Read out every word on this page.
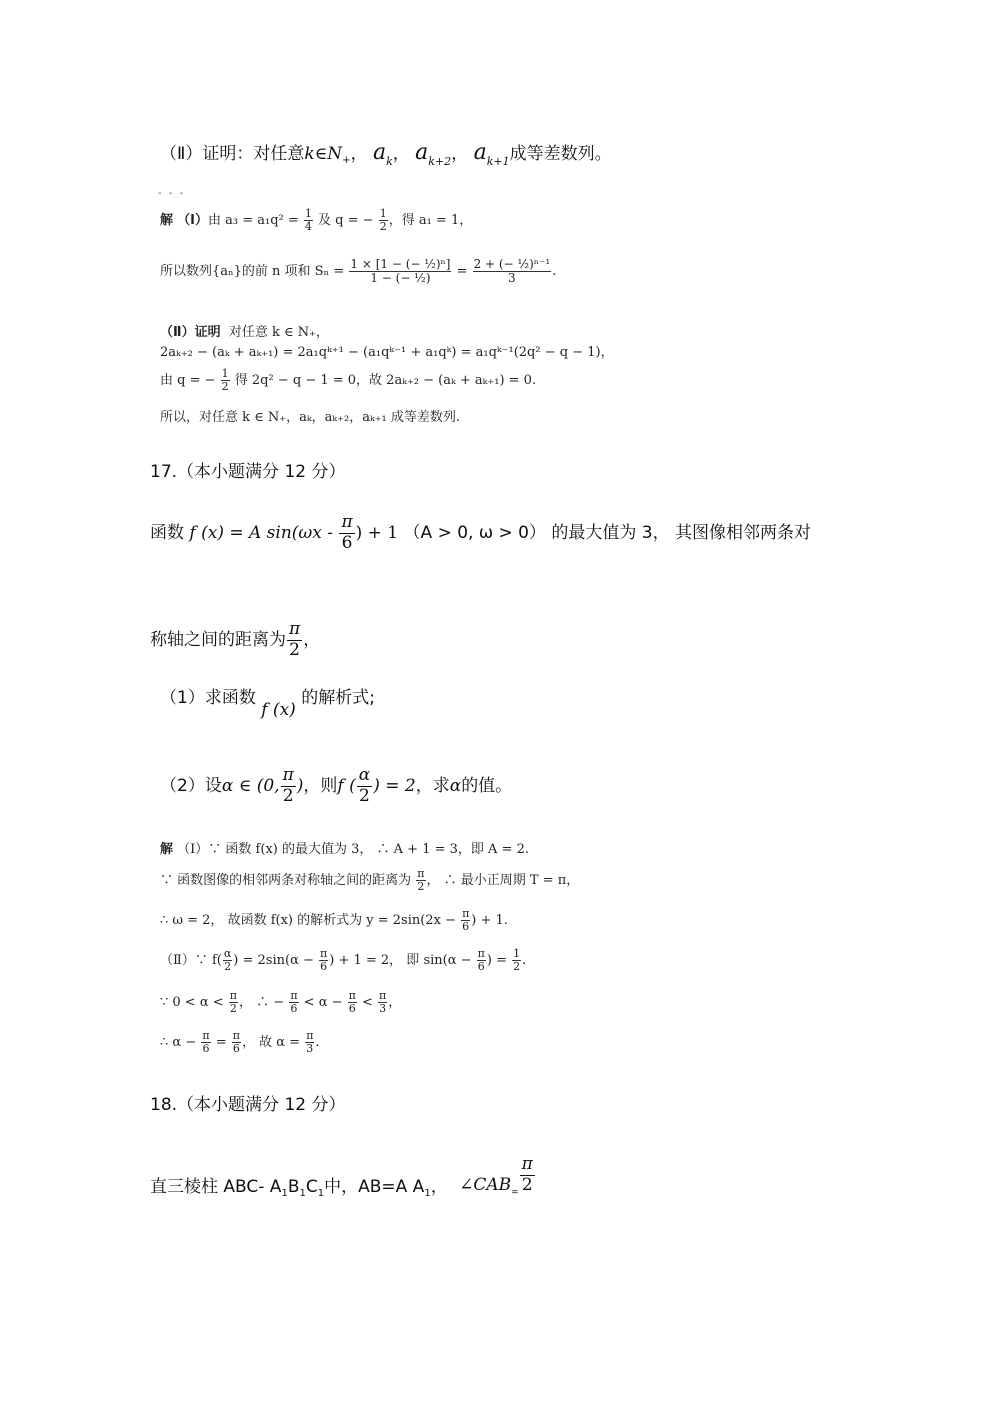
（Ⅱ）证明：对任意$k\in N_+$， $a_k$， $a_{k+2}$， $a_{k+1}$成等差数列。
- - -
解 （Ⅰ）由 $a_3 = a_1q^2 = \frac{1}{4}$ 及 q = − $\frac{1}{2}$ ，得 a₁ = 1，
所以数列{aₙ}的前 n 项和 $S_n = \frac{\text{1 × [1 − (− ½)ⁿ]}}{\text{1 − (− ½)}} = \frac{\text{2 + (− ½)ⁿ⁻¹}}{3}$ .
（Ⅱ）证明 对任意 k ∈ N₊，
2aₖ₊₂ − (aₖ + aₖ₊₁) = 2a₁qᵏ⁺¹ − (a₁qᵏ⁻¹ + a₁qᵏ) = a₁qᵏ⁻¹(2q² − q − 1)，
由 q = − $\frac{1}{2}$ 得 2q² − q − 1 = 0，故 2aₖ₊₂ − (aₖ + aₖ₊₁) = 0.
所以，对任意 k ∈ N₊，aₖ，aₖ₊₂，aₖ₊₁ 成等差数列.
17.（本小题满分 12 分）
函数 f (x) = A $\sin(\omega x - \frac{\pi}{6}$ ) + 1 （A > 0, ω > 0） 的最大值为 3， 其图像相邻两条对
称轴之间的距离为 $\frac{\pi}{2}$ ，
（1）求函数 f (x) 的解析式;
（2）设α ∈ (0, $\frac{\pi}{2}$ )，则f ( $\frac{\alpha}{2}$ ) = 2，求α的值。
解 （Ⅰ）∵ 函数 f(x) 的最大值为 3， ∴ A + 1 = 3，即 A = 2.
∵ 函数图像的相邻两条对称轴之间的距离为 $\frac{\pi}{2}$ ， ∴ 最小正周期 T = π，
∴ ω = 2， 故函数 f(x) 的解析式为 $y = 2\sin(2x - \frac{\pi}{6}$ ) + 1.
（Ⅱ）∵ $f( \frac{\alpha}{2}$ ) = $2\sin(\alpha - \frac{\pi}{6}$ ) + 1 = 2， 即 $\sin(\alpha - \frac{\pi}{6}$ ) = $\frac{1}{2}$ .
∵ $0 < \alpha < \frac{\pi}{2}$ ， ∴ − $\frac{\pi}{6} < \alpha - \frac{\pi}{6} < \frac{\pi}{3}$ ，
∴ $\alpha - \frac{\pi}{6} = \frac{\pi}{6}$ ， 故 $\alpha = \frac{\pi}{3}$ .
18.（本小题满分 12 分）
直三棱柱 ABC- $A_1B_1C_1$中，AB=A $A_1$， $\angle CAB_= \frac{\pi}{2}$
